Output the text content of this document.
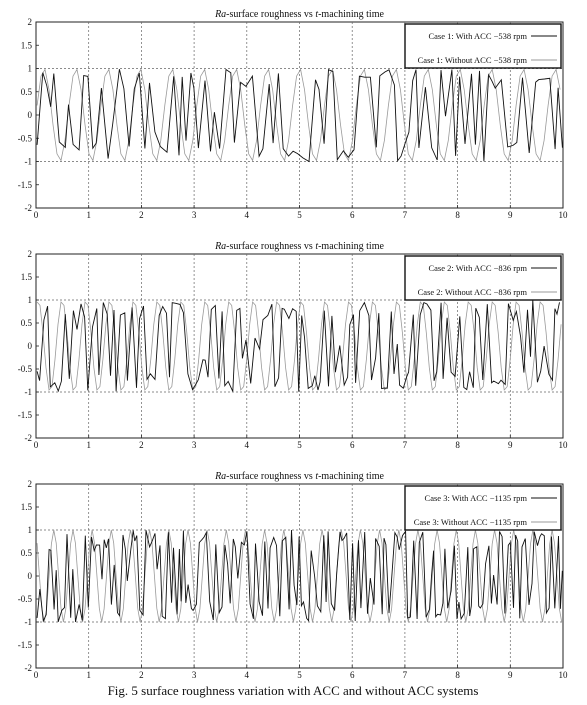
0	1	2	3	4	5	6	7	8	9	10
2
1.5
1
0.5
0
-0.5
-1
-1.5
-2
Ra-surface roughness vs t-machining time
Case 1: With ACC −538 rpm
Case 1: Without ACC −538 rpm
0	1	2	3	4	5	6	7	8	9	10
2
1.5
1
0.5
0
-0.5
-1
-1.5
-2
Ra-surface roughness vs t-machining time
Case 2: With ACC −836 rpm
Case 2: Without ACC −836 rpm
0	1	2	3	4	5	6	7	8	9	10
2
1.5
1
0.5
0
-0.5
-1
-1.5
-2
Ra-surface roughness vs t-machining time
Case 3: With ACC −1135 rpm
Case 3: Without ACC −1135 rpm
Fig. 5 surface roughness variation with ACC and without ACC systems
